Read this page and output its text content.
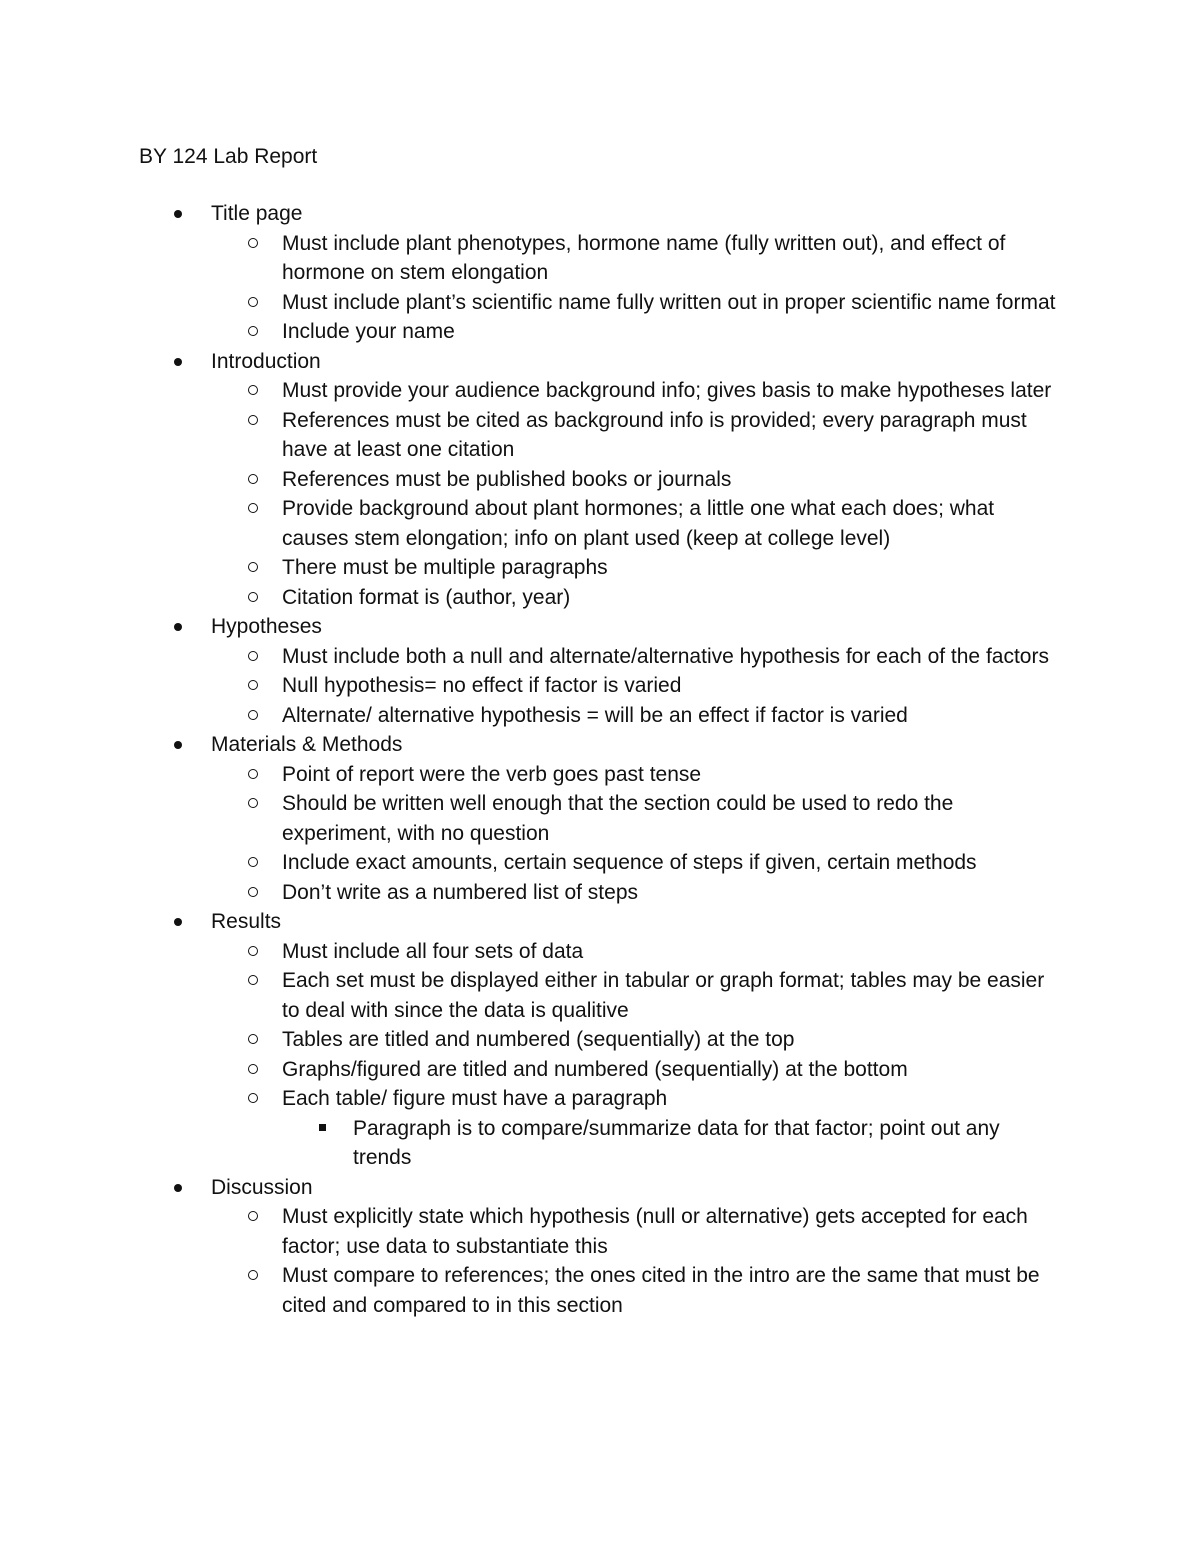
BY 124 Lab Report
Title page
Must include plant phenotypes, hormone name (fully written out), and effect of hormone on stem elongation
Must include plant’s scientific name fully written out in proper scientific name format
Include your name
Introduction
Must provide your audience background info; gives basis to make hypotheses later
References must be cited as background info is provided; every paragraph must have at least one citation
References must be published books or journals
Provide background about plant hormones; a little one what each does; what causes stem elongation; info on plant used (keep at college level)
There must be multiple paragraphs
Citation format is (author, year)
Hypotheses
Must include both a null and alternate/alternative hypothesis for each of the factors
Null hypothesis= no effect if factor is varied
Alternate/ alternative hypothesis = will be an effect if factor is varied
Materials & Methods
Point of report were the verb goes past tense
Should be written well enough that the section could be used to redo the experiment, with no question
Include exact amounts, certain sequence of steps if given, certain methods
Don’t write as a numbered list of steps
Results
Must include all four sets of data
Each set must be displayed either in tabular or graph format; tables may be easier to deal with since the data is qualitive
Tables are titled and numbered (sequentially) at the top
Graphs/figured are titled and numbered (sequentially) at the bottom
Each table/ figure must have a paragraph
Paragraph is to compare/summarize data for that factor; point out any trends
Discussion
Must explicitly state which hypothesis (null or alternative) gets accepted for each factor; use data to substantiate this
Must compare to references; the ones cited in the intro are the same that must be cited and compared to in this section
